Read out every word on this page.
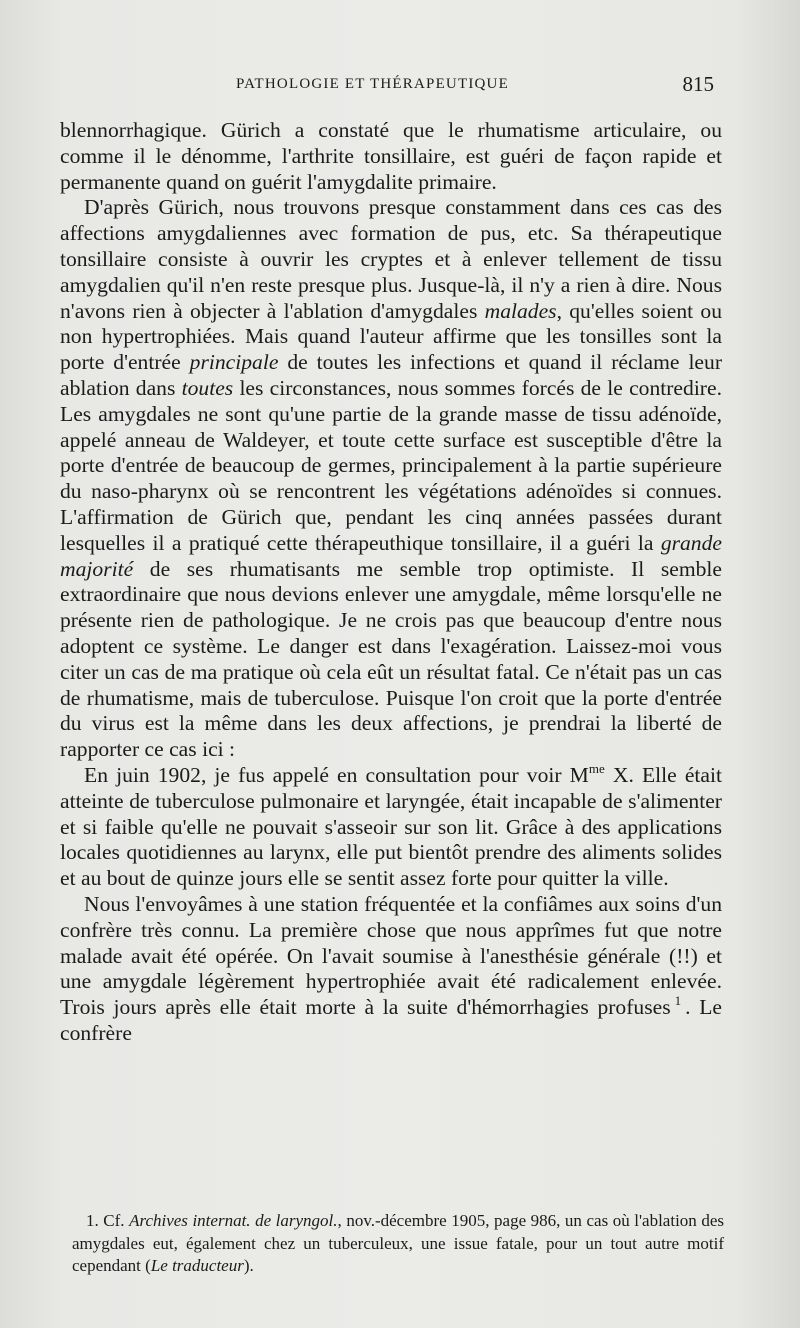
PATHOLOGIE ET THÉRAPEUTIQUE	815

blennorrhagique. Gürich a constaté que le rhumatisme articulaire, ou comme il le dénomme, l'arthrite tonsillaire, est guéri de façon rapide et permanente quand on guérit l'amygdalite primaire.

D'après Gürich, nous trouvons presque constamment dans ces cas des affections amygdaliennes avec formation de pus, etc. Sa thérapeutique tonsillaire consiste à ouvrir les cryptes et à enlever tellement de tissu amygdalien qu'il n'en reste presque plus. Jusque-là, il n'y a rien à dire. Nous n'avons rien à objecter à l'ablation d'amygdales malades, qu'elles soient ou non hypertrophiées. Mais quand l'auteur affirme que les tonsilles sont la porte d'entrée principale de toutes les infections et quand il réclame leur ablation dans toutes les circonstances, nous sommes forcés de le contredire. Les amygdales ne sont qu'une partie de la grande masse de tissu adénoïde, appelé anneau de Waldeyer, et toute cette surface est susceptible d'être la porte d'entrée de beaucoup de germes, principalement à la partie supérieure du naso-pharynx où se rencontrent les végétations adénoïdes si connues. L'affirmation de Gürich que, pendant les cinq années passées durant lesquelles il a pratiqué cette thérapeuthique tonsillaire, il a guéri la grande majorité de ses rhumatisants me semble trop optimiste. Il semble extraordinaire que nous devions enlever une amygdale, même lorsqu'elle ne présente rien de pathologique. Je ne crois pas que beaucoup d'entre nous adoptent ce système. Le danger est dans l'exagération. Laissez-moi vous citer un cas de ma pratique où cela eût un résultat fatal. Ce n'était pas un cas de rhumatisme, mais de tuberculose. Puisque l'on croit que la porte d'entrée du virus est la même dans les deux affections, je prendrai la liberté de rapporter ce cas ici :

En juin 1902, je fus appelé en consultation pour voir $M^{me}$ X. Elle était atteinte de tuberculose pulmonaire et laryngée, était incapable de s'alimenter et si faible qu'elle ne pouvait s'asseoir sur son lit. Grâce à des applications locales quotidiennes au larynx, elle put bientôt prendre des aliments solides et au bout de quinze jours elle se sentit assez forte pour quitter la ville.

Nous l'envoyâmes à une station fréquentée et la confiâmes aux soins d'un confrère très connu. La première chose que nous apprîmes fut que notre malade avait été opérée. On l'avait soumise à l'anesthésie générale (!!) et une amygdale légèrement hypertrophiée avait été radicalement enlevée. Trois jours après elle était morte à la suite d'hémorrhagies profuses $^1$ . Le confrère

1. Cf. Archives internat. de laryngol., nov.-décembre 1905, page 986, un cas où l'ablation des amygdales eut, également chez un tuberculeux, une issue fatale, pour un tout autre motif cependant (Le traducteur).
